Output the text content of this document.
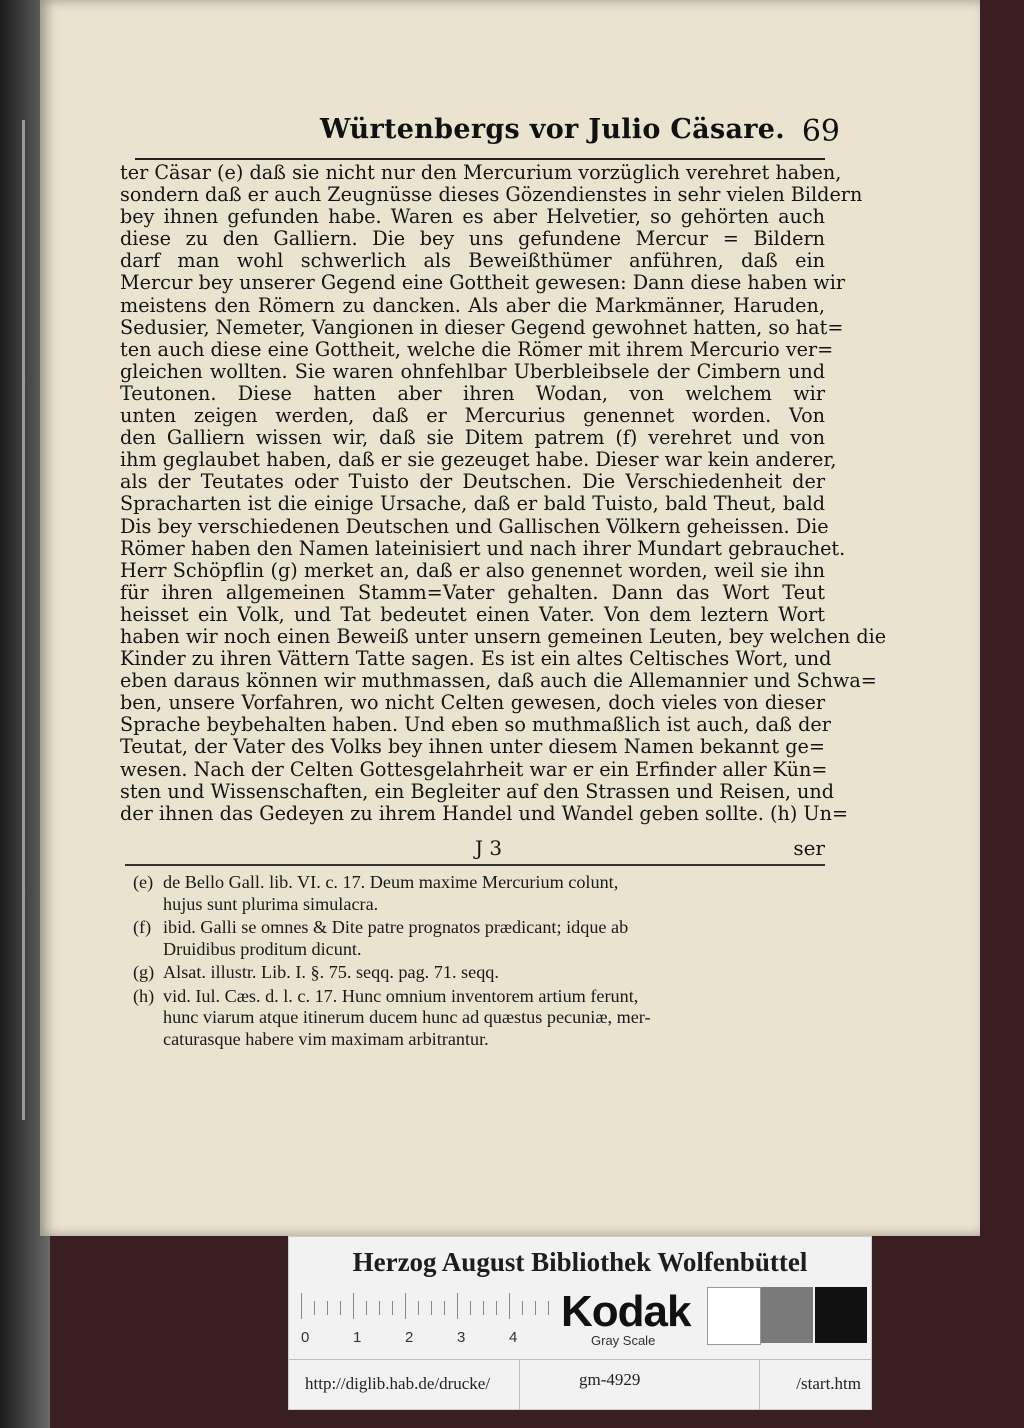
Würtenbergs vor Julio Cäsare. 69
ter Cäsar (e) daß sie nicht nur den Mercurium vorzüglich verehret haben,
sondern daß er auch Zeugnüsse dieses Gözendienstes in sehr vielen Bildern
bey ihnen gefunden habe. Waren es aber Helvetier, so gehörten auch
diese zu den Galliern. Die bey uns gefundene Mercur = Bildern
darf man wohl schwerlich als Beweißthümer anführen, daß ein
Mercur bey unserer Gegend eine Gottheit gewesen: Dann diese haben wir
meistens den Römern zu dancken. Als aber die Markmänner, Haruden,
Sedusier, Nemeter, Vangionen in dieser Gegend gewohnet hatten, so hat=
ten auch diese eine Gottheit, welche die Römer mit ihrem Mercurio ver=
gleichen wollten. Sie waren ohnfehlbar Uberbleibsele der Cimbern und
Teutonen. Diese hatten aber ihren Wodan, von welchem wir
unten zeigen werden, daß er Mercurius genennet worden. Von
den Galliern wissen wir, daß sie Ditem patrem (f) verehret und von
ihm geglaubet haben, daß er sie gezeuget habe. Dieser war kein anderer,
als der Teutates oder Tuisto der Deutschen. Die Verschiedenheit der
Spracharten ist die einige Ursache, daß er bald Tuisto, bald Theut, bald
Dis bey verschiedenen Deutschen und Gallischen Völkern geheissen. Die
Römer haben den Namen lateinisiert und nach ihrer Mundart gebrauchet.
Herr Schöpflin (g) merket an, daß er also genennet worden, weil sie ihn
für ihren allgemeinen Stamm=Vater gehalten. Dann das Wort Teut
heisset ein Volk, und Tat bedeutet einen Vater. Von dem leztern Wort
haben wir noch einen Beweiß unter unsern gemeinen Leuten, bey welchen die
Kinder zu ihren Vättern Tatte sagen. Es ist ein altes Celtisches Wort, und
eben daraus können wir muthmassen, daß auch die Allemannier und Schwa=
ben, unsere Vorfahren, wo nicht Celten gewesen, doch vieles von dieser
Sprache beybehalten haben. Und eben so muthmaßlich ist auch, daß der
Teutat, der Vater des Volks bey ihnen unter diesem Namen bekannt ge=
wesen. Nach der Celten Gottesgelahrheit war er ein Erfinder aller Kün=
sten und Wissenschaften, ein Begleiter auf den Strassen und Reisen, und
der ihnen das Gedeyen zu ihrem Handel und Wandel geben sollte. (h) Un=
J 3	ser
(e) de Bello Gall. lib. VI. c. 17. Deum maxime Mercurium colunt,
hujus sunt plurima simulacra.
(f) ibid. Galli se omnes & Dite patre prognatos prædicant; idque ab
Druidibus proditum dicunt.
(g) Alsat. illustr. Lib. I. §. 75. seqq. pag. 71. seqq.
(h) vid. Iul. Cæs. d. l. c. 17. Hunc omnium inventorem artium ferunt,
hunc viarum atque itinerum ducem hunc ad quæstus pecuniæ, mer-
caturasque habere vim maximam arbitrantur.
Herzog August Bibliothek Wolfenbüttel
0	1	2	3	4
Kodak
Gray Scale
http://diglib.hab.de/drucke/	gm-4929	/start.htm
